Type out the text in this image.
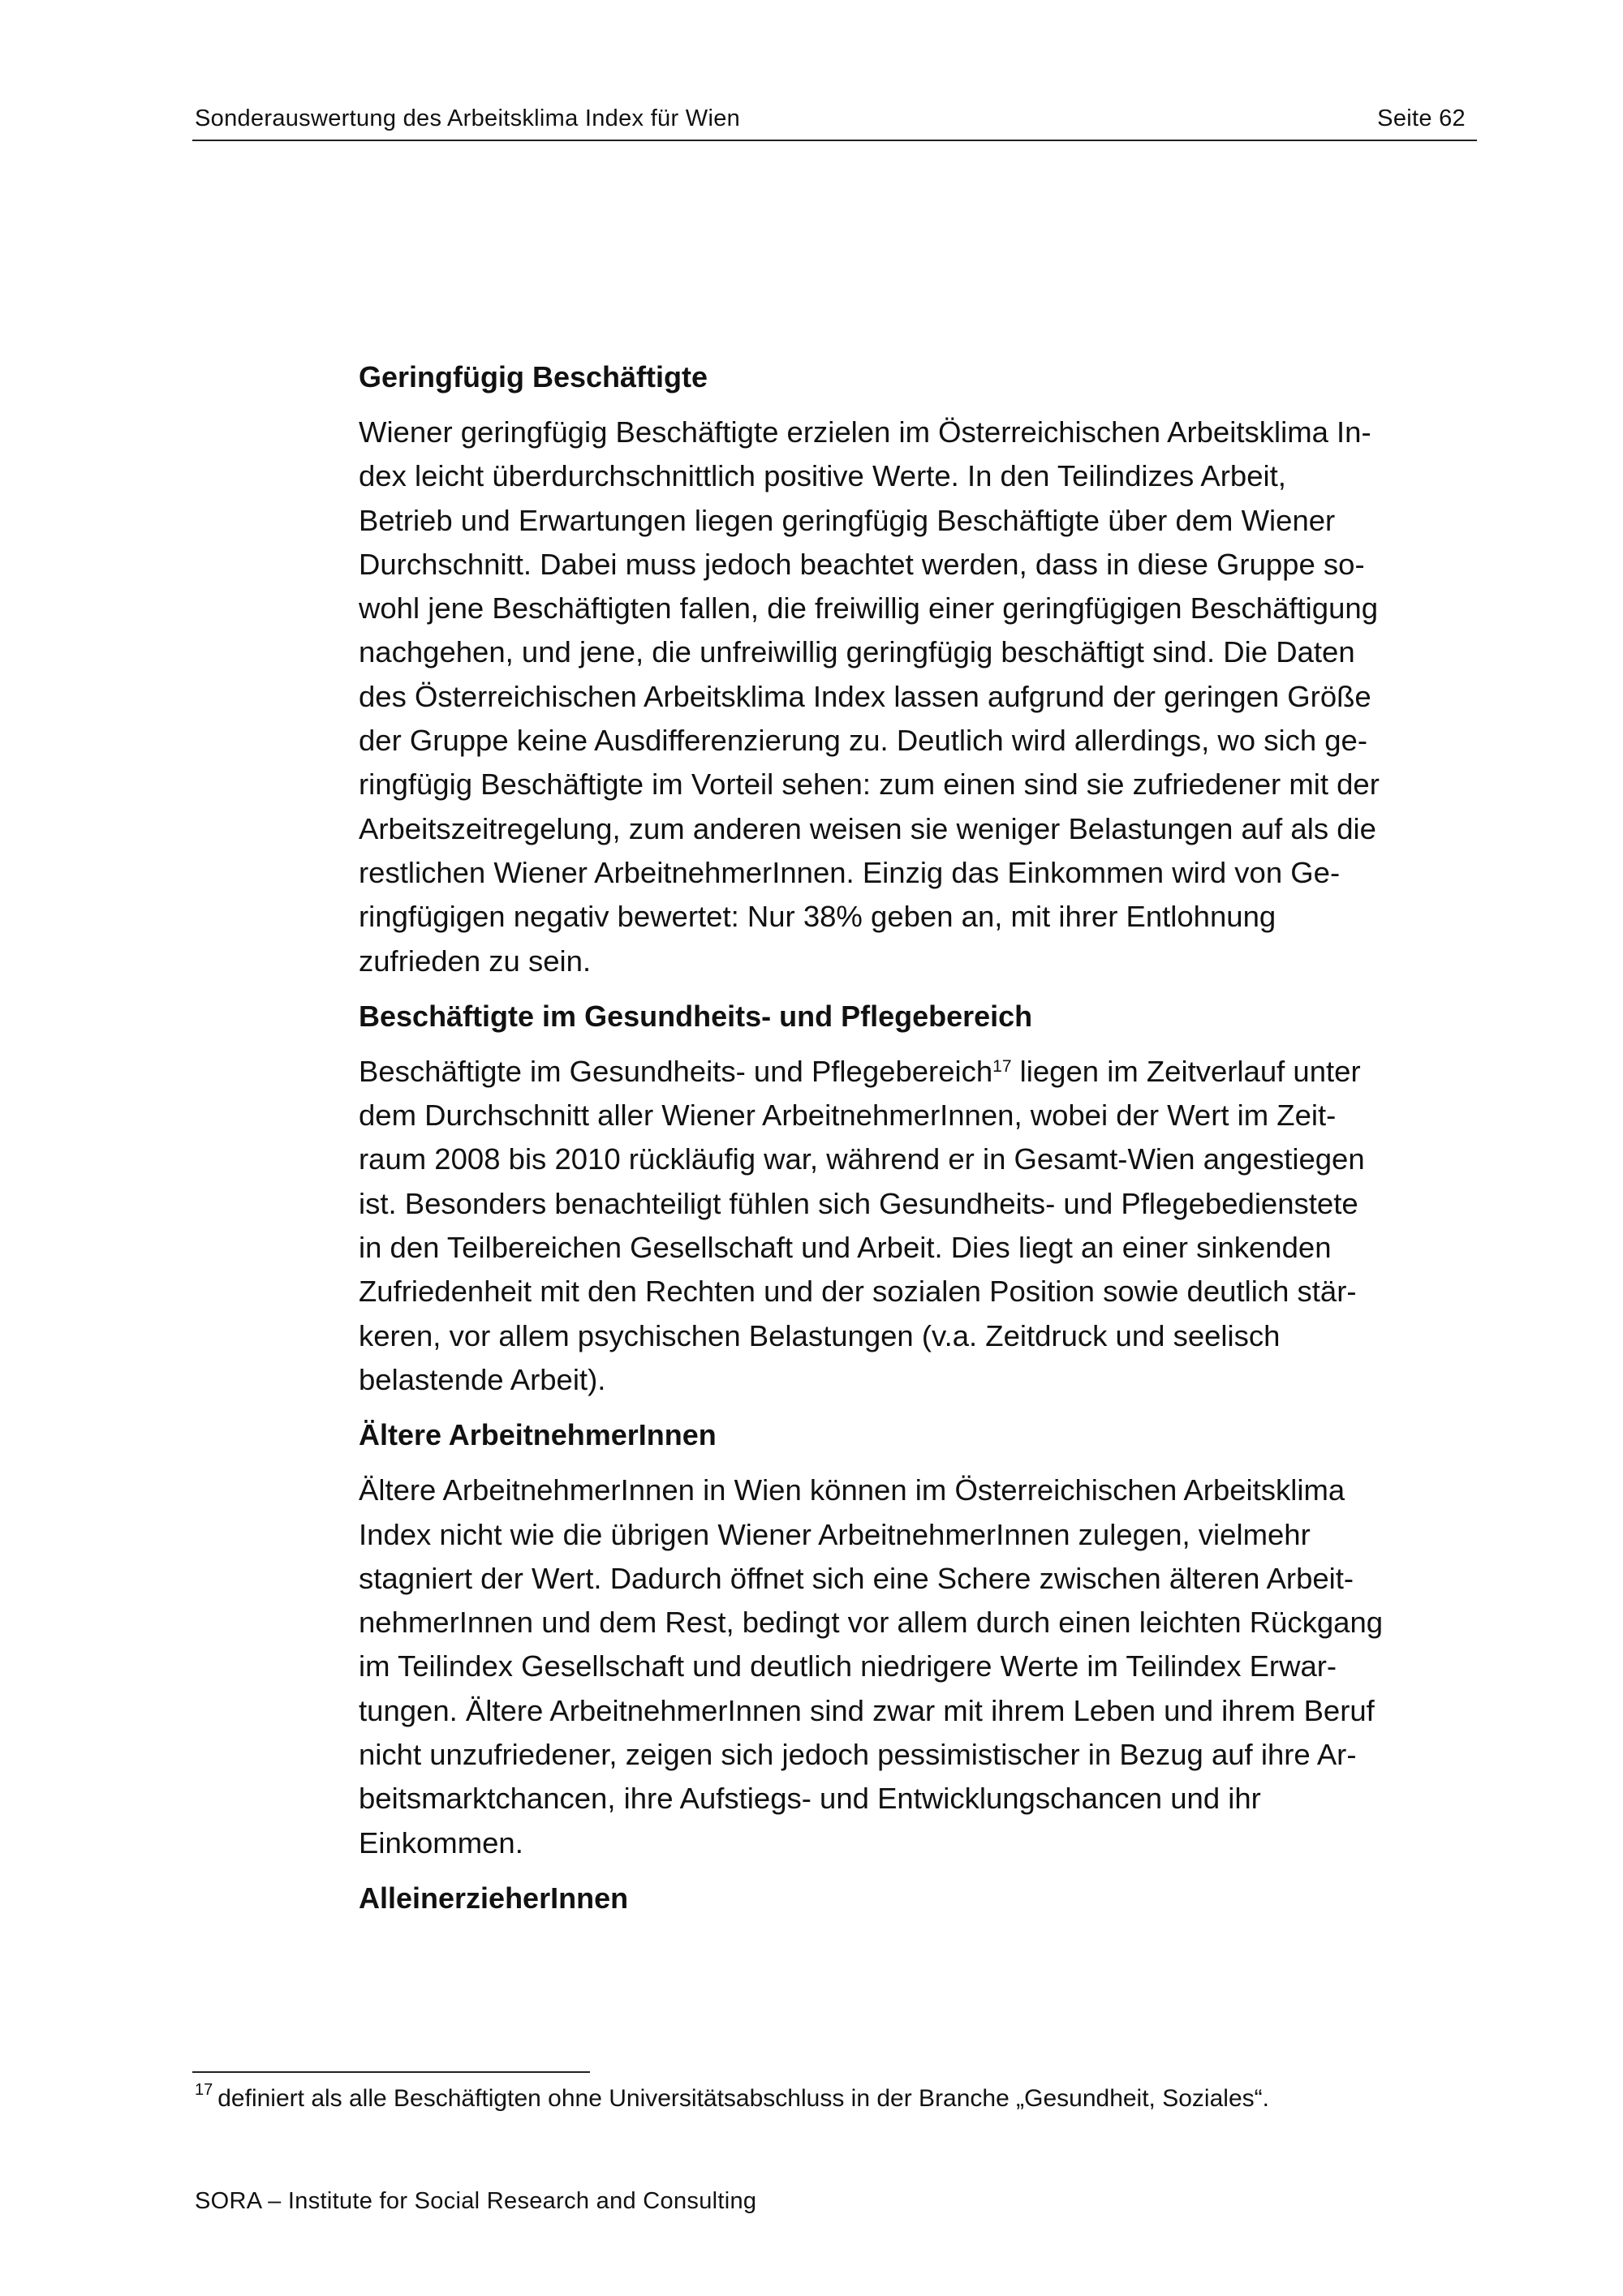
Sonderauswertung des Arbeitsklima Index für Wien	Seite 62
Geringfügig Beschäftigte
Wiener geringfügig Beschäftigte erzielen im Österreichischen Arbeitsklima In-
dex leicht überdurchschnittlich positive Werte. In den Teilindizes Arbeit,
Betrieb und Erwartungen liegen geringfügig Beschäftigte über dem Wiener
Durchschnitt. Dabei muss jedoch beachtet werden, dass in diese Gruppe so-
wohl jene Beschäftigten fallen, die freiwillig einer geringfügigen Beschäftigung
nachgehen, und jene, die unfreiwillig geringfügig beschäftigt sind. Die Daten
des Österreichischen Arbeitsklima Index lassen aufgrund der geringen Größe
der Gruppe keine Ausdifferenzierung zu. Deutlich wird allerdings, wo sich ge-
ringfügig Beschäftigte im Vorteil sehen: zum einen sind sie zufriedener mit der
Arbeitszeitregelung, zum anderen weisen sie weniger Belastungen auf als die
restlichen Wiener ArbeitnehmerInnen. Einzig das Einkommen wird von Ge-
ringfügigen negativ bewertet: Nur 38% geben an, mit ihrer Entlohnung
zufrieden zu sein.
Beschäftigte im Gesundheits- und Pflegebereich
Beschäftigte im Gesundheits- und Pflegebereich$^{17}$ liegen im Zeitverlauf unter
dem Durchschnitt aller Wiener ArbeitnehmerInnen, wobei der Wert im Zeit-
raum 2008 bis 2010 rückläufig war, während er in Gesamt-Wien angestiegen
ist. Besonders benachteiligt fühlen sich Gesundheits- und Pflegebedienstete
in den Teilbereichen Gesellschaft und Arbeit. Dies liegt an einer sinkenden
Zufriedenheit mit den Rechten und der sozialen Position sowie deutlich stär-
keren, vor allem psychischen Belastungen (v.a. Zeitdruck und seelisch
belastende Arbeit).
Ältere ArbeitnehmerInnen
Ältere ArbeitnehmerInnen in Wien können im Österreichischen Arbeitsklima
Index nicht wie die übrigen Wiener ArbeitnehmerInnen zulegen, vielmehr
stagniert der Wert. Dadurch öffnet sich eine Schere zwischen älteren Arbeit-
nehmerInnen und dem Rest, bedingt vor allem durch einen leichten Rückgang
im Teilindex Gesellschaft und deutlich niedrigere Werte im Teilindex Erwar-
tungen. Ältere ArbeitnehmerInnen sind zwar mit ihrem Leben und ihrem Beruf
nicht unzufriedener, zeigen sich jedoch pessimistischer in Bezug auf ihre Ar-
beitsmarktchancen, ihre Aufstiegs- und Entwicklungschancen und ihr
Einkommen.
AlleinerzieherInnen
$^{17}$ definiert als alle Beschäftigten ohne Universitätsabschluss in der Branche „Gesundheit, Soziales“.
SORA – Institute for Social Research and Consulting
